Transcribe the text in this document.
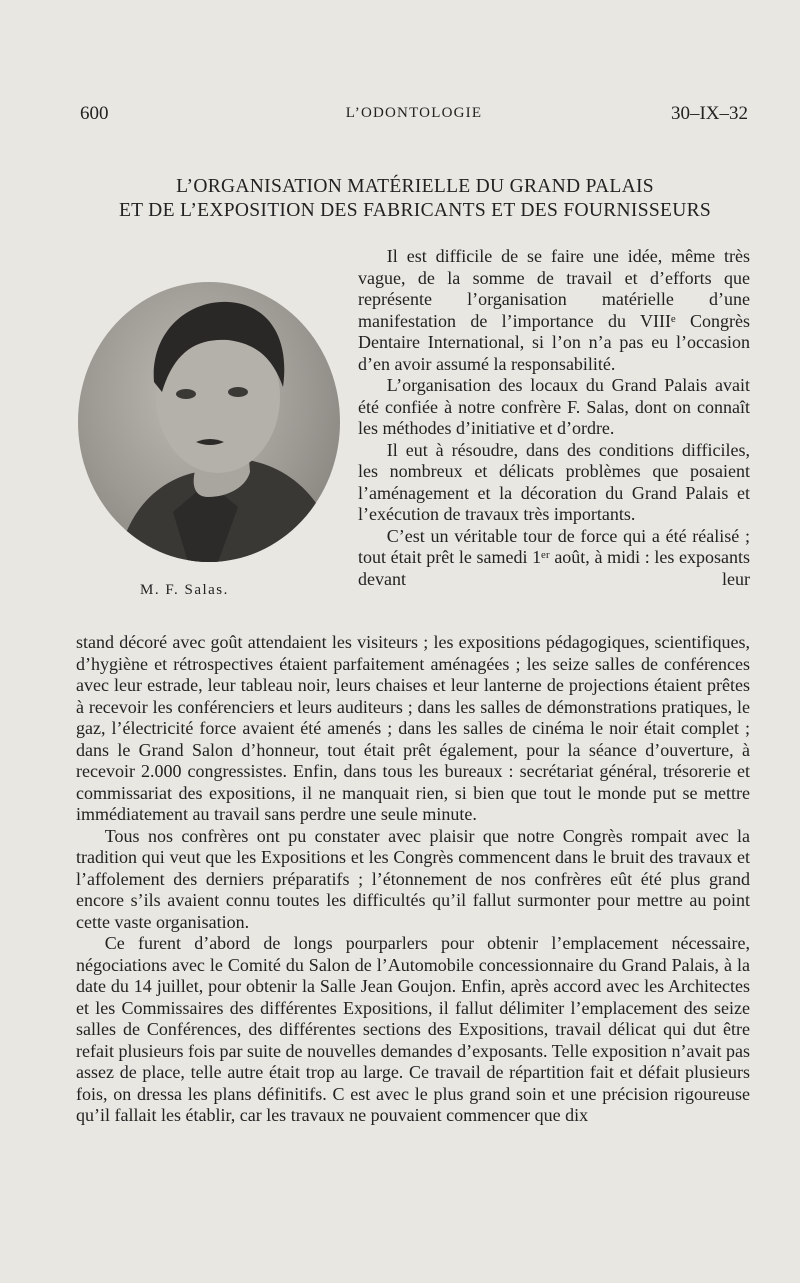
600	L’ODONTOLOGIE	30–IX–32
L’ORGANISATION MATÉRIELLE DU GRAND PALAIS
ET DE L’EXPOSITION DES FABRICANTS ET DES FOURNISSEURS
M. F. Salas.

Il est difficile de se faire une idée, même très vague, de la somme de travail et d’efforts que représente l’organisation matérielle d’une manifestation de l’importance du VIIIᵉ Congrès Dentaire International, si l’on n’a pas eu l’occasion d’en avoir assumé la responsabilité.

L’organisation des locaux du Grand Palais avait été confiée à notre confrère F. Salas, dont on connaît les méthodes d’initiative et d’ordre.

Il eut à résoudre, dans des conditions difficiles, les nombreux et délicats problèmes que posaient l’aménagement et la décoration du Grand Palais et l’exécution de travaux très importants.

C’est un véritable tour de force qui a été réalisé ; tout était prêt le samedi 1ᵉʳ août, à midi : les exposants devant leur

stand décoré avec goût attendaient les visiteurs ; les expositions pédagogiques, scientifiques, d’hygiène et rétrospectives étaient parfaitement aménagées ; les seize salles de conférences avec leur estrade, leur tableau noir, leurs chaises et leur lanterne de projections étaient prêtes à recevoir les conférenciers et leurs auditeurs ; dans les salles de démonstrations pratiques, le gaz, l’électricité force avaient été amenés ; dans les salles de cinéma le noir était complet ; dans le Grand Salon d’honneur, tout était prêt également, pour la séance d’ouverture, à recevoir 2.000 congressistes. Enfin, dans tous les bureaux : secrétariat général, trésorerie et commissariat des expositions, il ne manquait rien, si bien que tout le monde put se mettre immédiatement au travail sans perdre une seule minute.

Tous nos confrères ont pu constater avec plaisir que notre Congrès rompait avec la tradition qui veut que les Expositions et les Congrès commencent dans le bruit des travaux et l’affolement des derniers préparatifs ; l’étonnement de nos confrères eût été plus grand encore s’ils avaient connu toutes les difficultés qu’il fallut surmonter pour mettre au point cette vaste organisation.

Ce furent d’abord de longs pourparlers pour obtenir l’emplacement nécessaire, négociations avec le Comité du Salon de l’Automobile concessionnaire du Grand Palais, à la date du 14 juillet, pour obtenir la Salle Jean Goujon. Enfin, après accord avec les Architectes et les Commissaires des différentes Expositions, il fallut délimiter l’emplacement des seize salles de Conférences, des différentes sections des Expositions, travail délicat qui dut être refait plusieurs fois par suite de nouvelles demandes d’exposants. Telle exposition n’avait pas assez de place, telle autre était trop au large. Ce travail de répartition fait et défait plusieurs fois, on dressa les plans définitifs. C est avec le plus grand soin et une précision rigoureuse qu’il fallait les établir, car les travaux ne pouvaient commencer que dix
